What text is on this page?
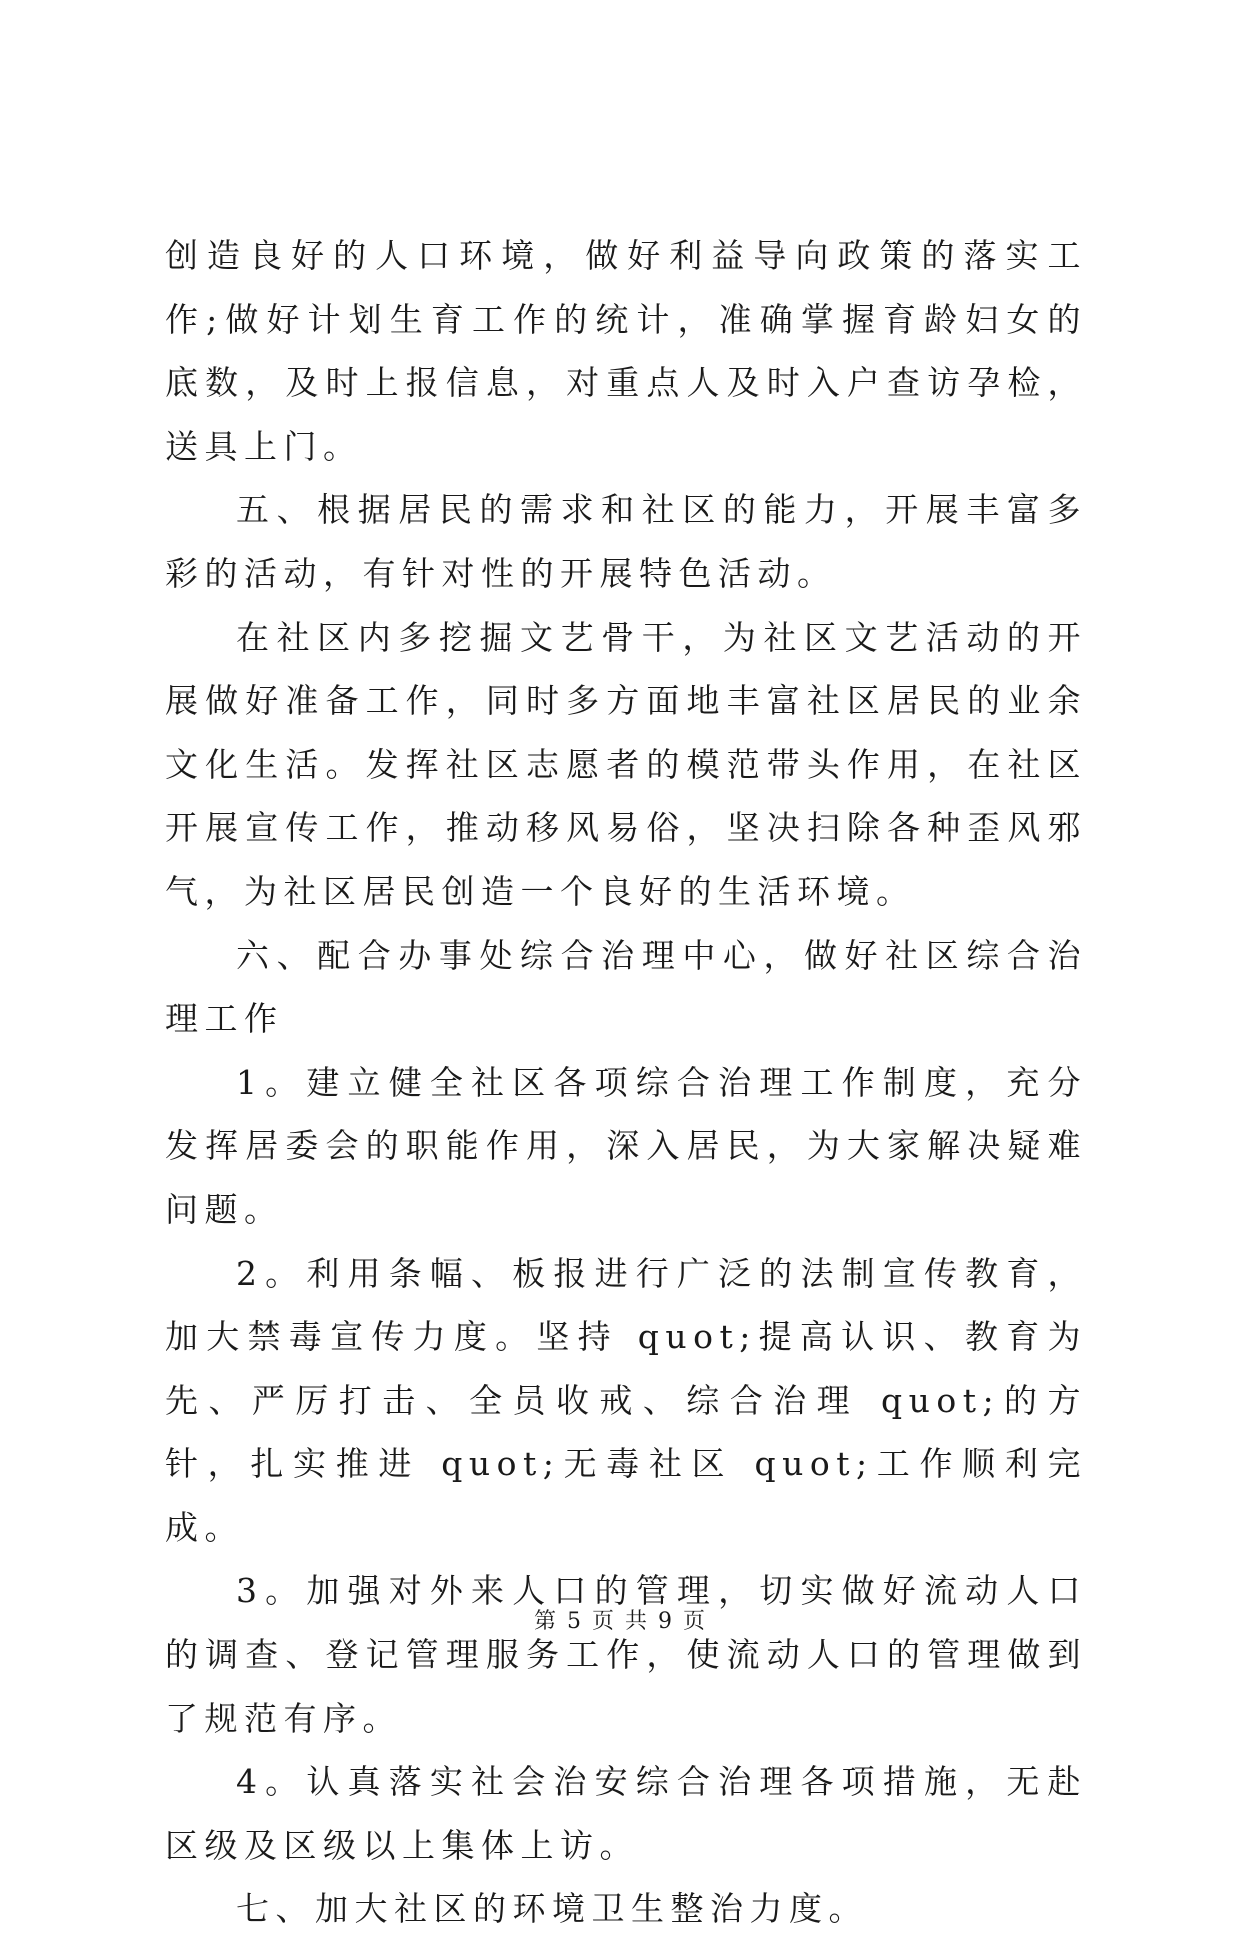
创造良好的人口环境，做好利益导向政策的落实工作;做好计划生育工作的统计，准确掌握育龄妇女的底数，及时上报信息，对重点人及时入户查访孕检，送具上门。

五、根据居民的需求和社区的能力，开展丰富多彩的活动，有针对性的开展特色活动。

在社区内多挖掘文艺骨干，为社区文艺活动的开展做好准备工作，同时多方面地丰富社区居民的业余文化生活。发挥社区志愿者的模范带头作用，在社区开展宣传工作，推动移风易俗，坚决扫除各种歪风邪气，为社区居民创造一个良好的生活环境。

六、配合办事处综合治理中心，做好社区综合治理工作

1。建立健全社区各项综合治理工作制度，充分发挥居委会的职能作用，深入居民，为大家解决疑难问题。

2。利用条幅、板报进行广泛的法制宣传教育，加大禁毒宣传力度。坚持 quot;提高认识、教育为先、严厉打击、全员收戒、综合治理 quot;的方针，扎实推进 quot;无毒社区 quot;工作顺利完成。

3。加强对外来人口的管理，切实做好流动人口的调查、登记管理服务工作，使流动人口的管理做到了规范有序。

4。认真落实社会治安综合治理各项措施，无赴区级及区级以上集体上访。

七、加大社区的环境卫生整治力度。

第 5 页 共 9 页
